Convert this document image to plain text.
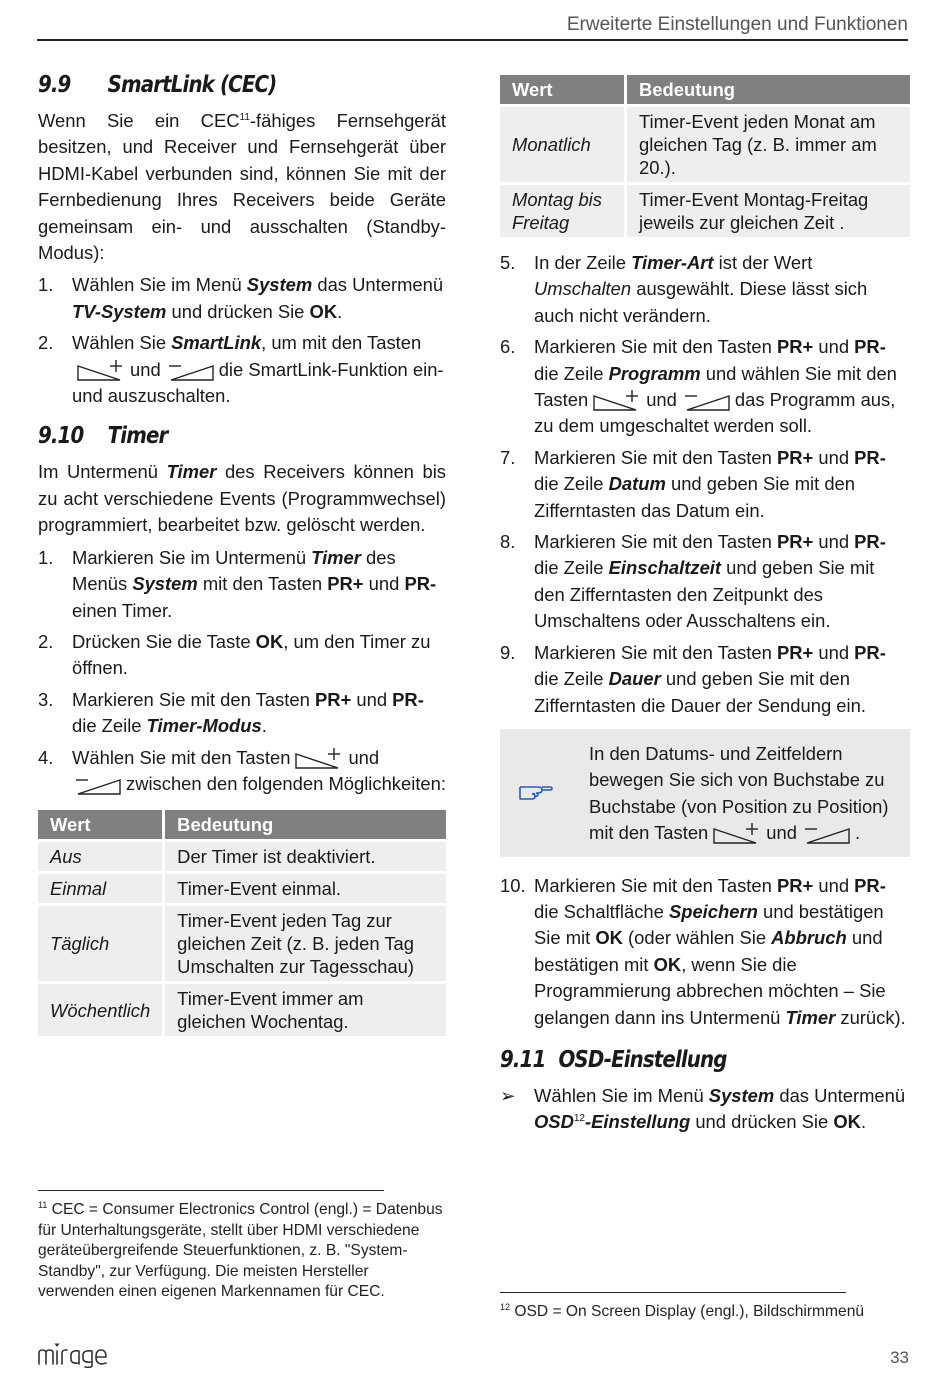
Erweiterte Einstellungen und Funktionen
9.9 SmartLink (CEC)

Wenn Sie ein CEC$^{11}$-fähiges Fernsehgerät besitzen, und Receiver und Fernsehgerät über HDMI-Kabel verbunden sind, können Sie mit der Fernbedienung Ihres Receivers beide Geräte gemeinsam ein- und ausschalten (Standby-Modus):

1. Wählen Sie im Menü System das Untermenü TV-System und drücken Sie OK.
2. Wählen Sie SmartLink, um mit den Tasten

und	die SmartLink-Funktion ein- und auszuschalten.
9.10 Timer

Im Untermenü Timer des Receivers können bis zu acht verschiedene Events (Programmwechsel) programmiert, bearbeitet bzw. gelöscht werden.

1. Markieren Sie im Untermenü Timer des Menüs System mit den Tasten PR+ und PR- einen Timer.
2. Drücken Sie die Taste OK, um den Timer zu öffnen.
3. Markieren Sie mit den Tasten PR+ und PR- die Zeile Timer-Modus.
4. Wählen Sie mit den Tasten	und

zwischen den folgenden Möglichkeiten:
Wert	Bedeutung
Aus	Der Timer ist deaktiviert.
Einmal	Timer-Event einmal.
Täglich	Timer-Event jeden Tag zur gleichen Zeit (z. B. jeden Tag Umschalten zur Tagesschau)
Wöchentlich	Timer-Event immer am gleichen Wochentag.
Wert	Bedeutung
Monatlich	Timer-Event jeden Monat am gleichen Tag (z. B. immer am 20.).
Montag bis Freitag	Timer-Event Montag-Freitag jeweils zur gleichen Zeit .
5. In der Zeile Timer-Art ist der Wert Umschalten ausgewählt. Diese lässt sich auch nicht verändern.
6. Markieren Sie mit den Tasten PR+ und PR- die Zeile Programm und wählen Sie mit den Tasten	und	das Programm aus, zu dem umgeschaltet werden soll.
7. Markieren Sie mit den Tasten PR+ und PR- die Zeile Datum und geben Sie mit den Zifferntasten das Datum ein.
8. Markieren Sie mit den Tasten PR+ und PR- die Zeile Einschaltzeit und geben Sie mit den Zifferntasten den Zeitpunkt des Umschaltens oder Ausschaltens ein.
9. Markieren Sie mit den Tasten PR+ und PR- die Zeile Dauer und geben Sie mit den Zifferntasten die Dauer der Sendung ein.
In den Datums- und Zeitfeldern bewegen Sie sich von Buchstabe zu Buchstabe (von Position zu Position) mit den Tasten	und	.
10. Markieren Sie mit den Tasten PR+ und PR- die Schaltfläche Speichern und bestätigen Sie mit OK (oder wählen Sie Abbruch und bestätigen mit OK, wenn Sie die Programmierung abbrechen möchten – Sie gelangen dann ins Untermenü Timer zurück).
9.11 OSD-Einstellung
➢ Wählen Sie im Menü System das Untermenü OSD$^{12}$-Einstellung und drücken Sie OK.
$^{11}$ CEC = Consumer Electronics Control (engl.) = Datenbus für Unterhaltungsgeräte, stellt über HDMI verschiedene geräteübergreifende Steuerfunktionen, z. B. "System-Standby", zur Verfügung. Die meisten Hersteller verwenden einen eigenen Markennamen für CEC.
$^{12}$ OSD = On Screen Display (engl.), Bildschirmmenü
33
